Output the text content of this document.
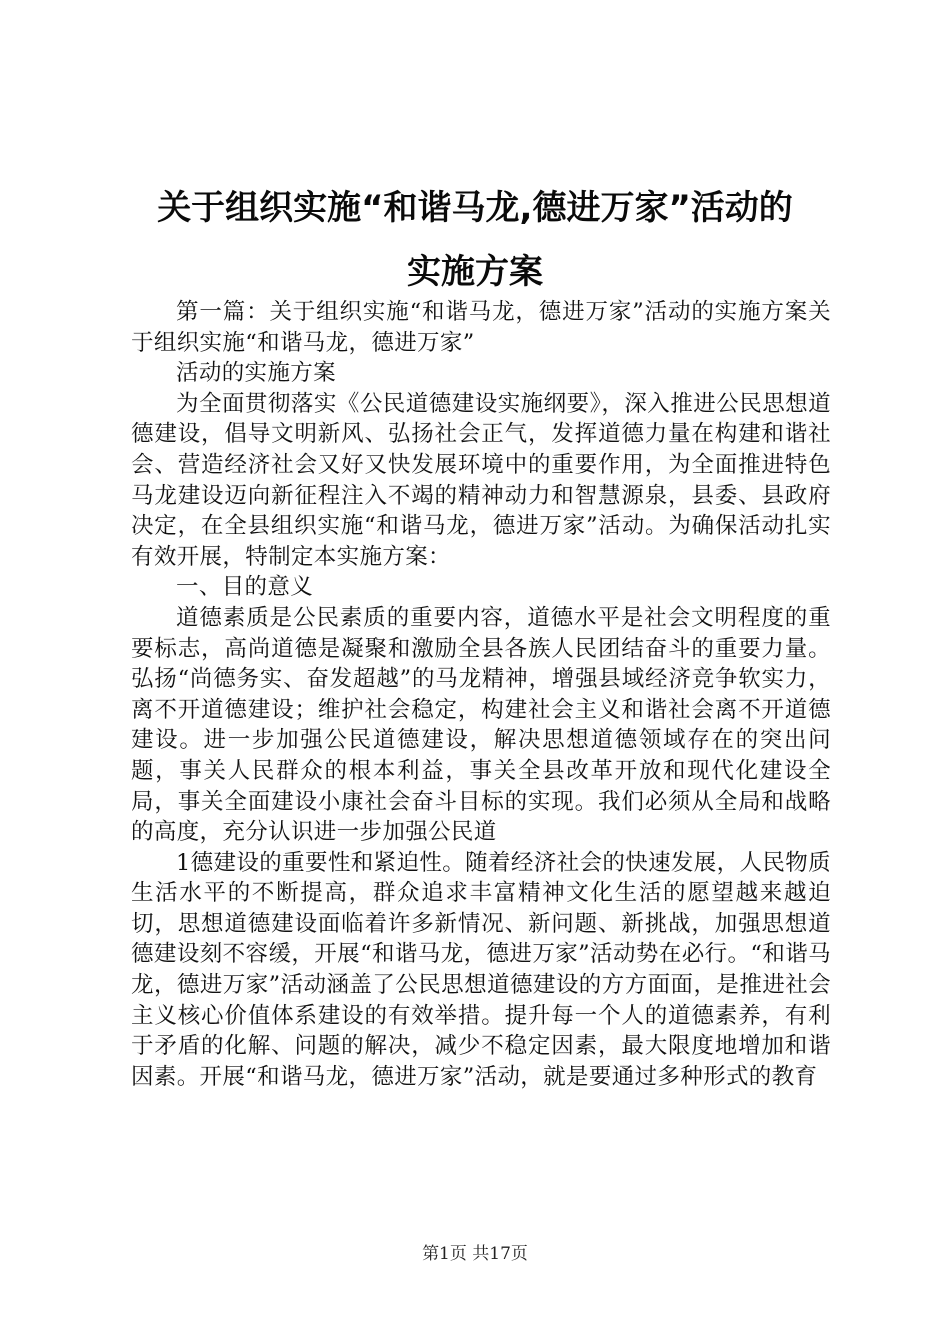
关于组织实施“和谐马龙,德进万家”活动的
实施方案

第一篇：关于组织实施“和谐马龙，德进万家”活动的实施方案关于组织实施“和谐马龙，德进万家”

活动的实施方案

为全面贯彻落实《公民道德建设实施纲要》，深入推进公民思想道德建设，倡导文明新风、弘扬社会正气，发挥道德力量在构建和谐社会、营造经济社会又好又快发展环境中的重要作用，为全面推进特色马龙建设迈向新征程注入不竭的精神动力和智慧源泉，县委、县政府决定，在全县组织实施“和谐马龙，德进万家”活动。为确保活动扎实有效开展，特制定本实施方案：

一、目的意义

道德素质是公民素质的重要内容，道德水平是社会文明程度的重要标志，高尚道德是凝聚和激励全县各族人民团结奋斗的重要力量。弘扬“尚德务实、奋发超越”的马龙精神，增强县域经济竞争软实力，离不开道德建设；维护社会稳定，构建社会主义和谐社会离不开道德建设。进一步加强公民道德建设，解决思想道德领域存在的突出问题，事关人民群众的根本利益，事关全县改革开放和现代化建设全局，事关全面建设小康社会奋斗目标的实现。我们必须从全局和战略的高度，充分认识进一步加强公民道

1德建设的重要性和紧迫性。随着经济社会的快速发展，人民物质生活水平的不断提高，群众追求丰富精神文化生活的愿望越来越迫切，思想道德建设面临着许多新情况、新问题、新挑战，加强思想道德建设刻不容缓，开展“和谐马龙，德进万家”活动势在必行。“和谐马龙，德进万家”活动涵盖了公民思想道德建设的方方面面，是推进社会主义核心价值体系建设的有效举措。提升每一个人的道德素养，有利于矛盾的化解、问题的解决，减少不稳定因素，最大限度地增加和谐因素。开展“和谐马龙，德进万家”活动，就是要通过多种形式的教育

第1页 共17页
